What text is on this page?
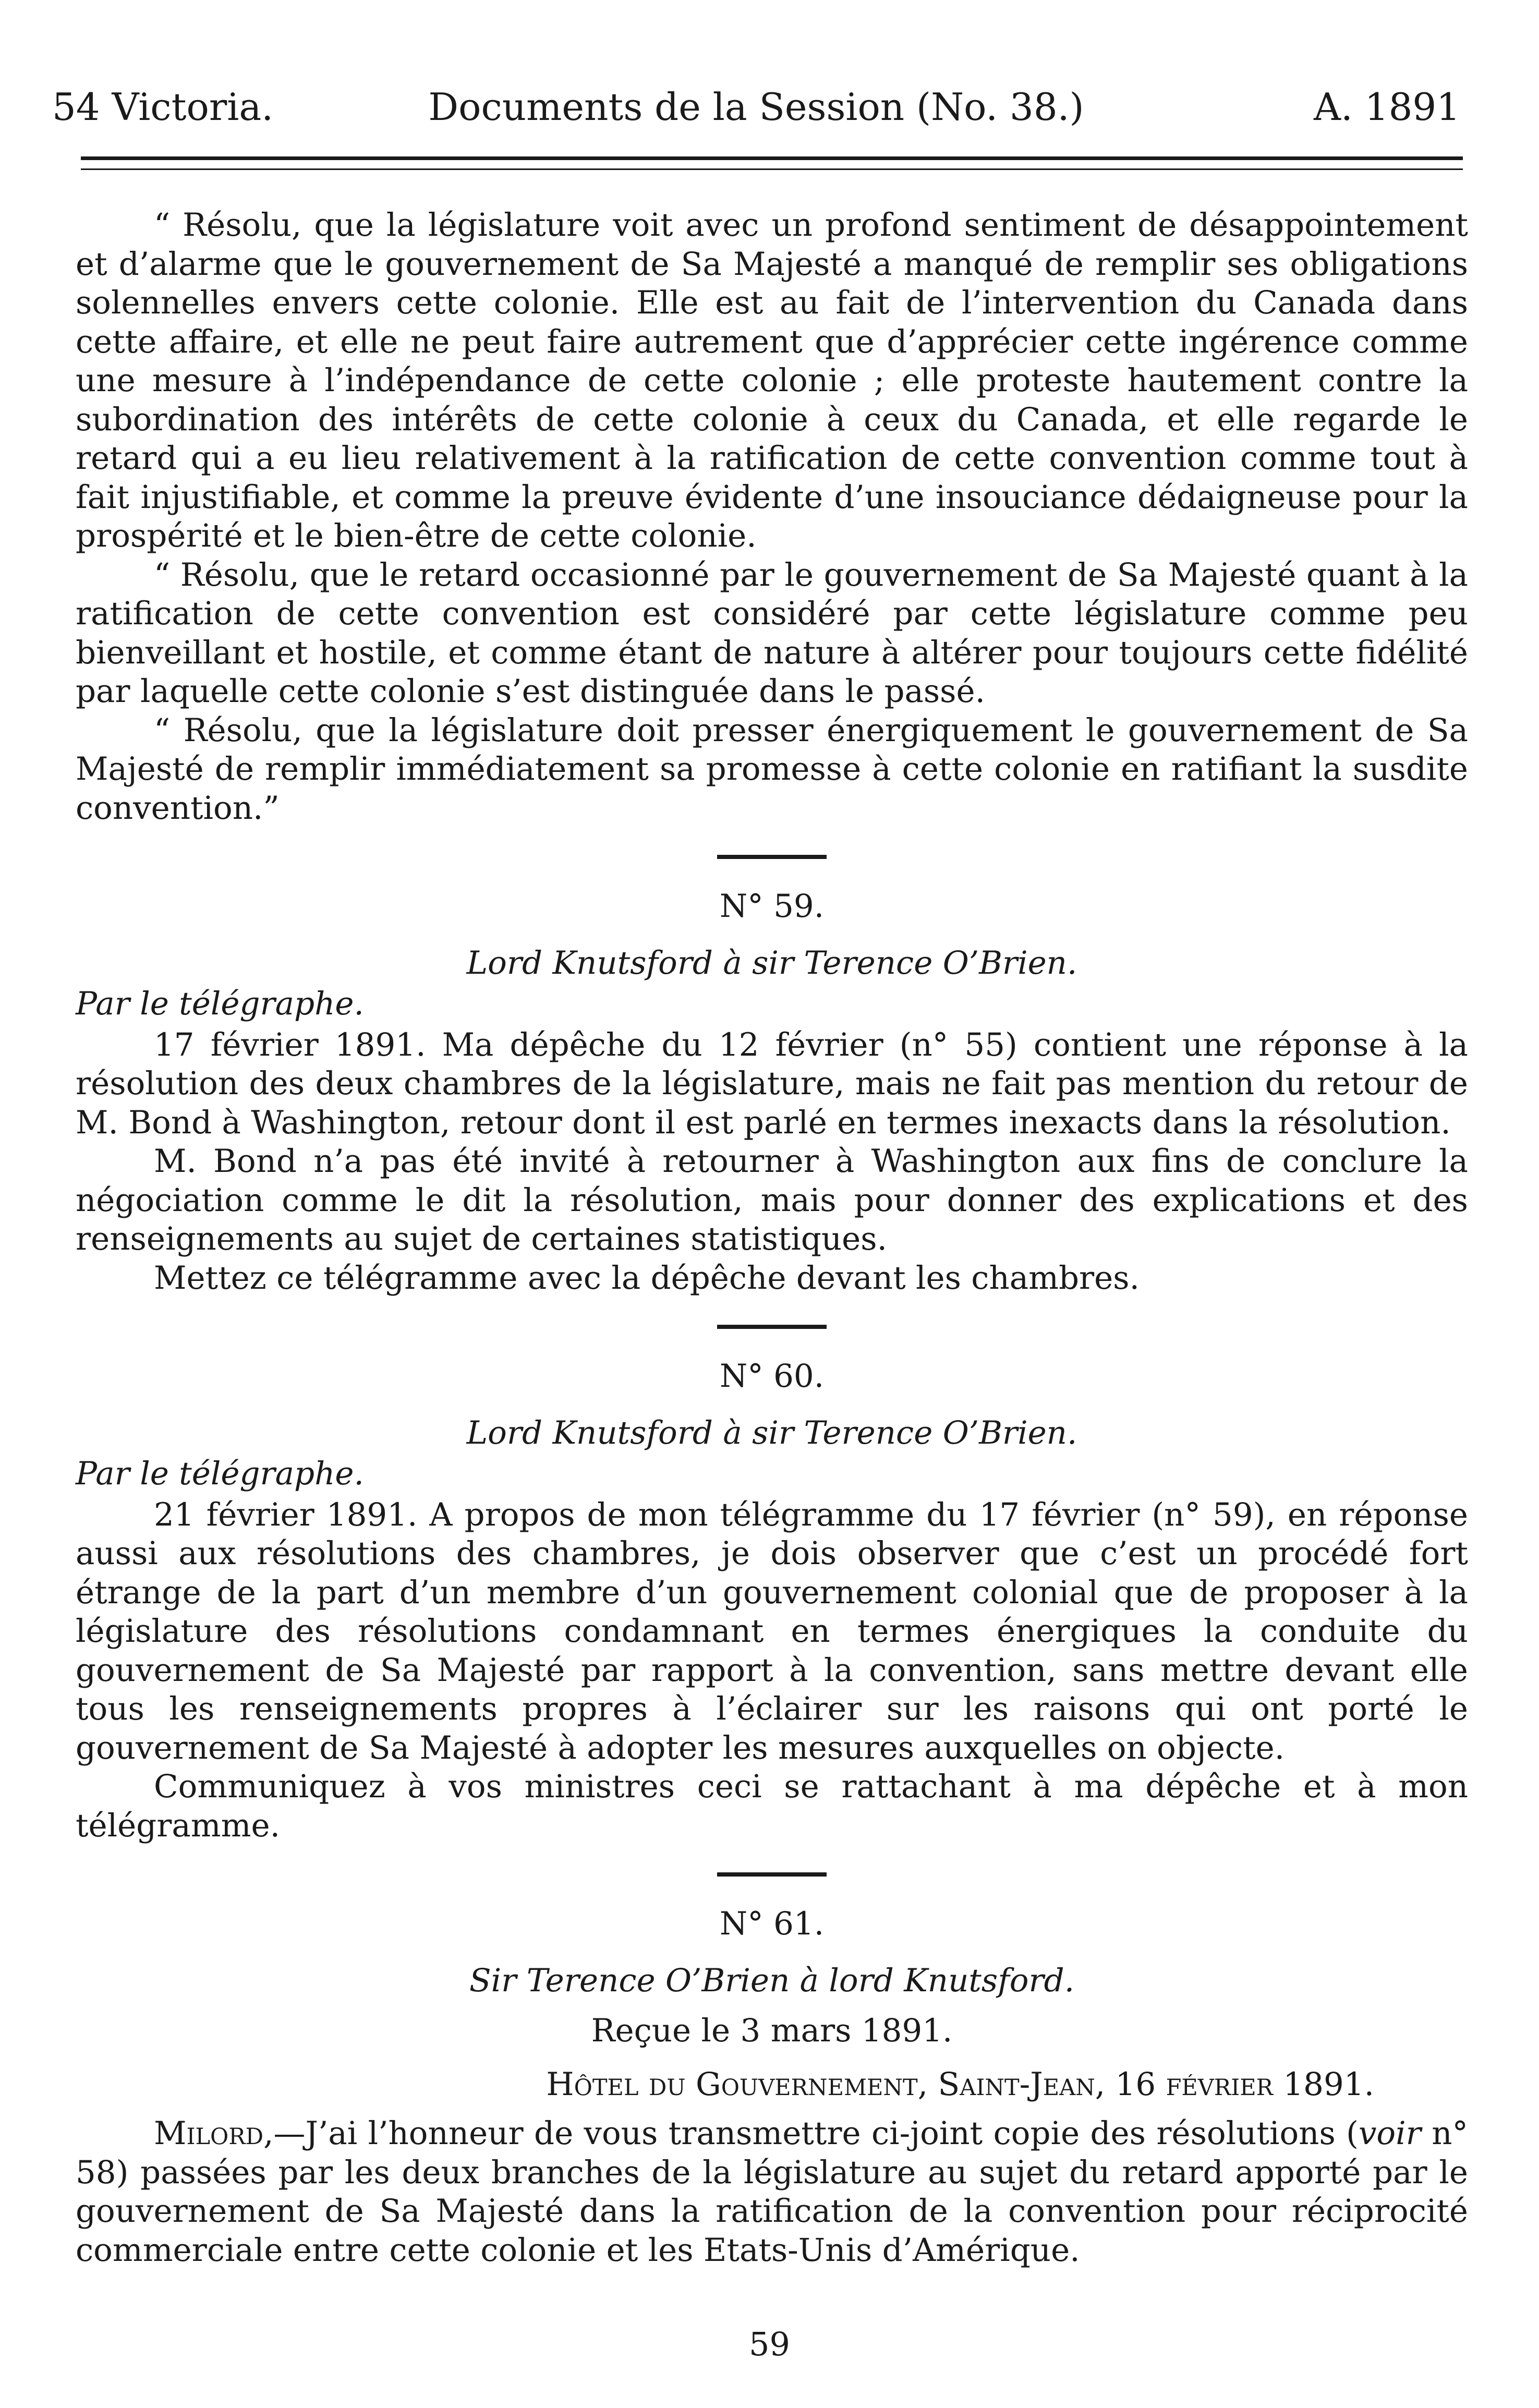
54 Victoria.	Documents de la Session (No. 38.)	A. 1891

“ Résolu, que la législature voit avec un profond sentiment de désappointement et d’alarme que le gouvernement de Sa Majesté a manqué de remplir ses obligations solennelles envers cette colonie. Elle est au fait de l’intervention du Canada dans cette affaire, et elle ne peut faire autrement que d’apprécier cette ingérence comme une mesure à l’indépendance de cette colonie ; elle proteste hautement contre la subordination des intérêts de cette colonie à ceux du Canada, et elle regarde le retard qui a eu lieu relativement à la ratification de cette convention comme tout à fait injustifiable, et comme la preuve évidente d’une insouciance dédaigneuse pour la prospérité et le bien-être de cette colonie.

“ Résolu, que le retard occasionné par le gouvernement de Sa Majesté quant à la ratification de cette convention est considéré par cette législature comme peu bienveillant et hostile, et comme étant de nature à altérer pour toujours cette fidélité par laquelle cette colonie s’est distinguée dans le passé.

“ Résolu, que la législature doit presser énergiquement le gouvernement de Sa Majesté de remplir immédiatement sa promesse à cette colonie en ratifiant la susdite convention.”

N° 59.

Lord Knutsford à sir Terence O’Brien.

Par le télégraphe.

17 février 1891. Ma dépêche du 12 février (n° 55) contient une réponse à la résolution des deux chambres de la législature, mais ne fait pas mention du retour de M. Bond à Washington, retour dont il est parlé en termes inexacts dans la résolution.

M. Bond n’a pas été invité à retourner à Washington aux fins de conclure la négociation comme le dit la résolution, mais pour donner des explications et des renseignements au sujet de certaines statistiques.

Mettez ce télégramme avec la dépêche devant les chambres.

N° 60.

Lord Knutsford à sir Terence O’Brien.

Par le télégraphe.

21 février 1891. A propos de mon télégramme du 17 février (n° 59), en réponse aussi aux résolutions des chambres, je dois observer que c’est un procédé fort étrange de la part d’un membre d’un gouvernement colonial que de proposer à la législature des résolutions condamnant en termes énergiques la conduite du gouvernement de Sa Majesté par rapport à la convention, sans mettre devant elle tous les renseignements propres à l’éclairer sur les raisons qui ont porté le gouvernement de Sa Majesté à adopter les mesures auxquelles on objecte.

Communiquez à vos ministres ceci se rattachant à ma dépêche et à mon télégramme.

N° 61.

Sir Terence O’Brien à lord Knutsford.

Reçue le 3 mars 1891.

Hôtel du Gouvernement, Saint-Jean, 16 février 1891.

Milord,—J’ai l’honneur de vous transmettre ci-joint copie des résolutions (voir n° 58) passées par les deux branches de la législature au sujet du retard apporté par le gouvernement de Sa Majesté dans la ratification de la convention pour réciprocité commerciale entre cette colonie et les Etats-Unis d’Amérique.

59
